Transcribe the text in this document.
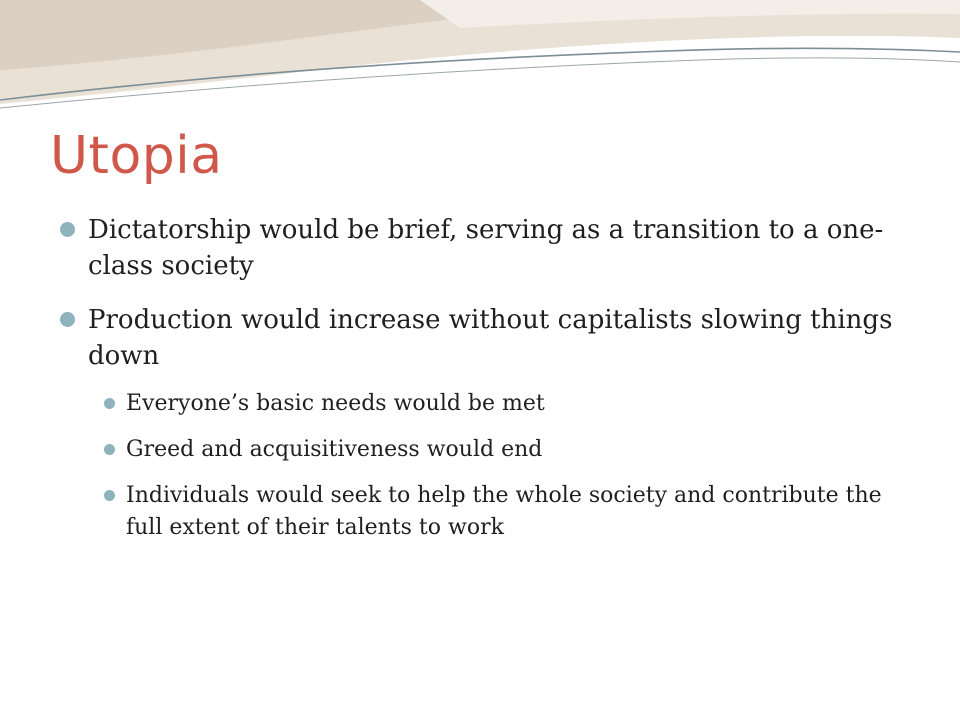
Utopia
Dictatorship would be brief, serving as a transition to a one-class society
Production would increase without capitalists slowing things down
Everyone’s basic needs would be met
Greed and acquisitiveness would end
Individuals would seek to help the whole society and contribute the full extent of their talents to work
